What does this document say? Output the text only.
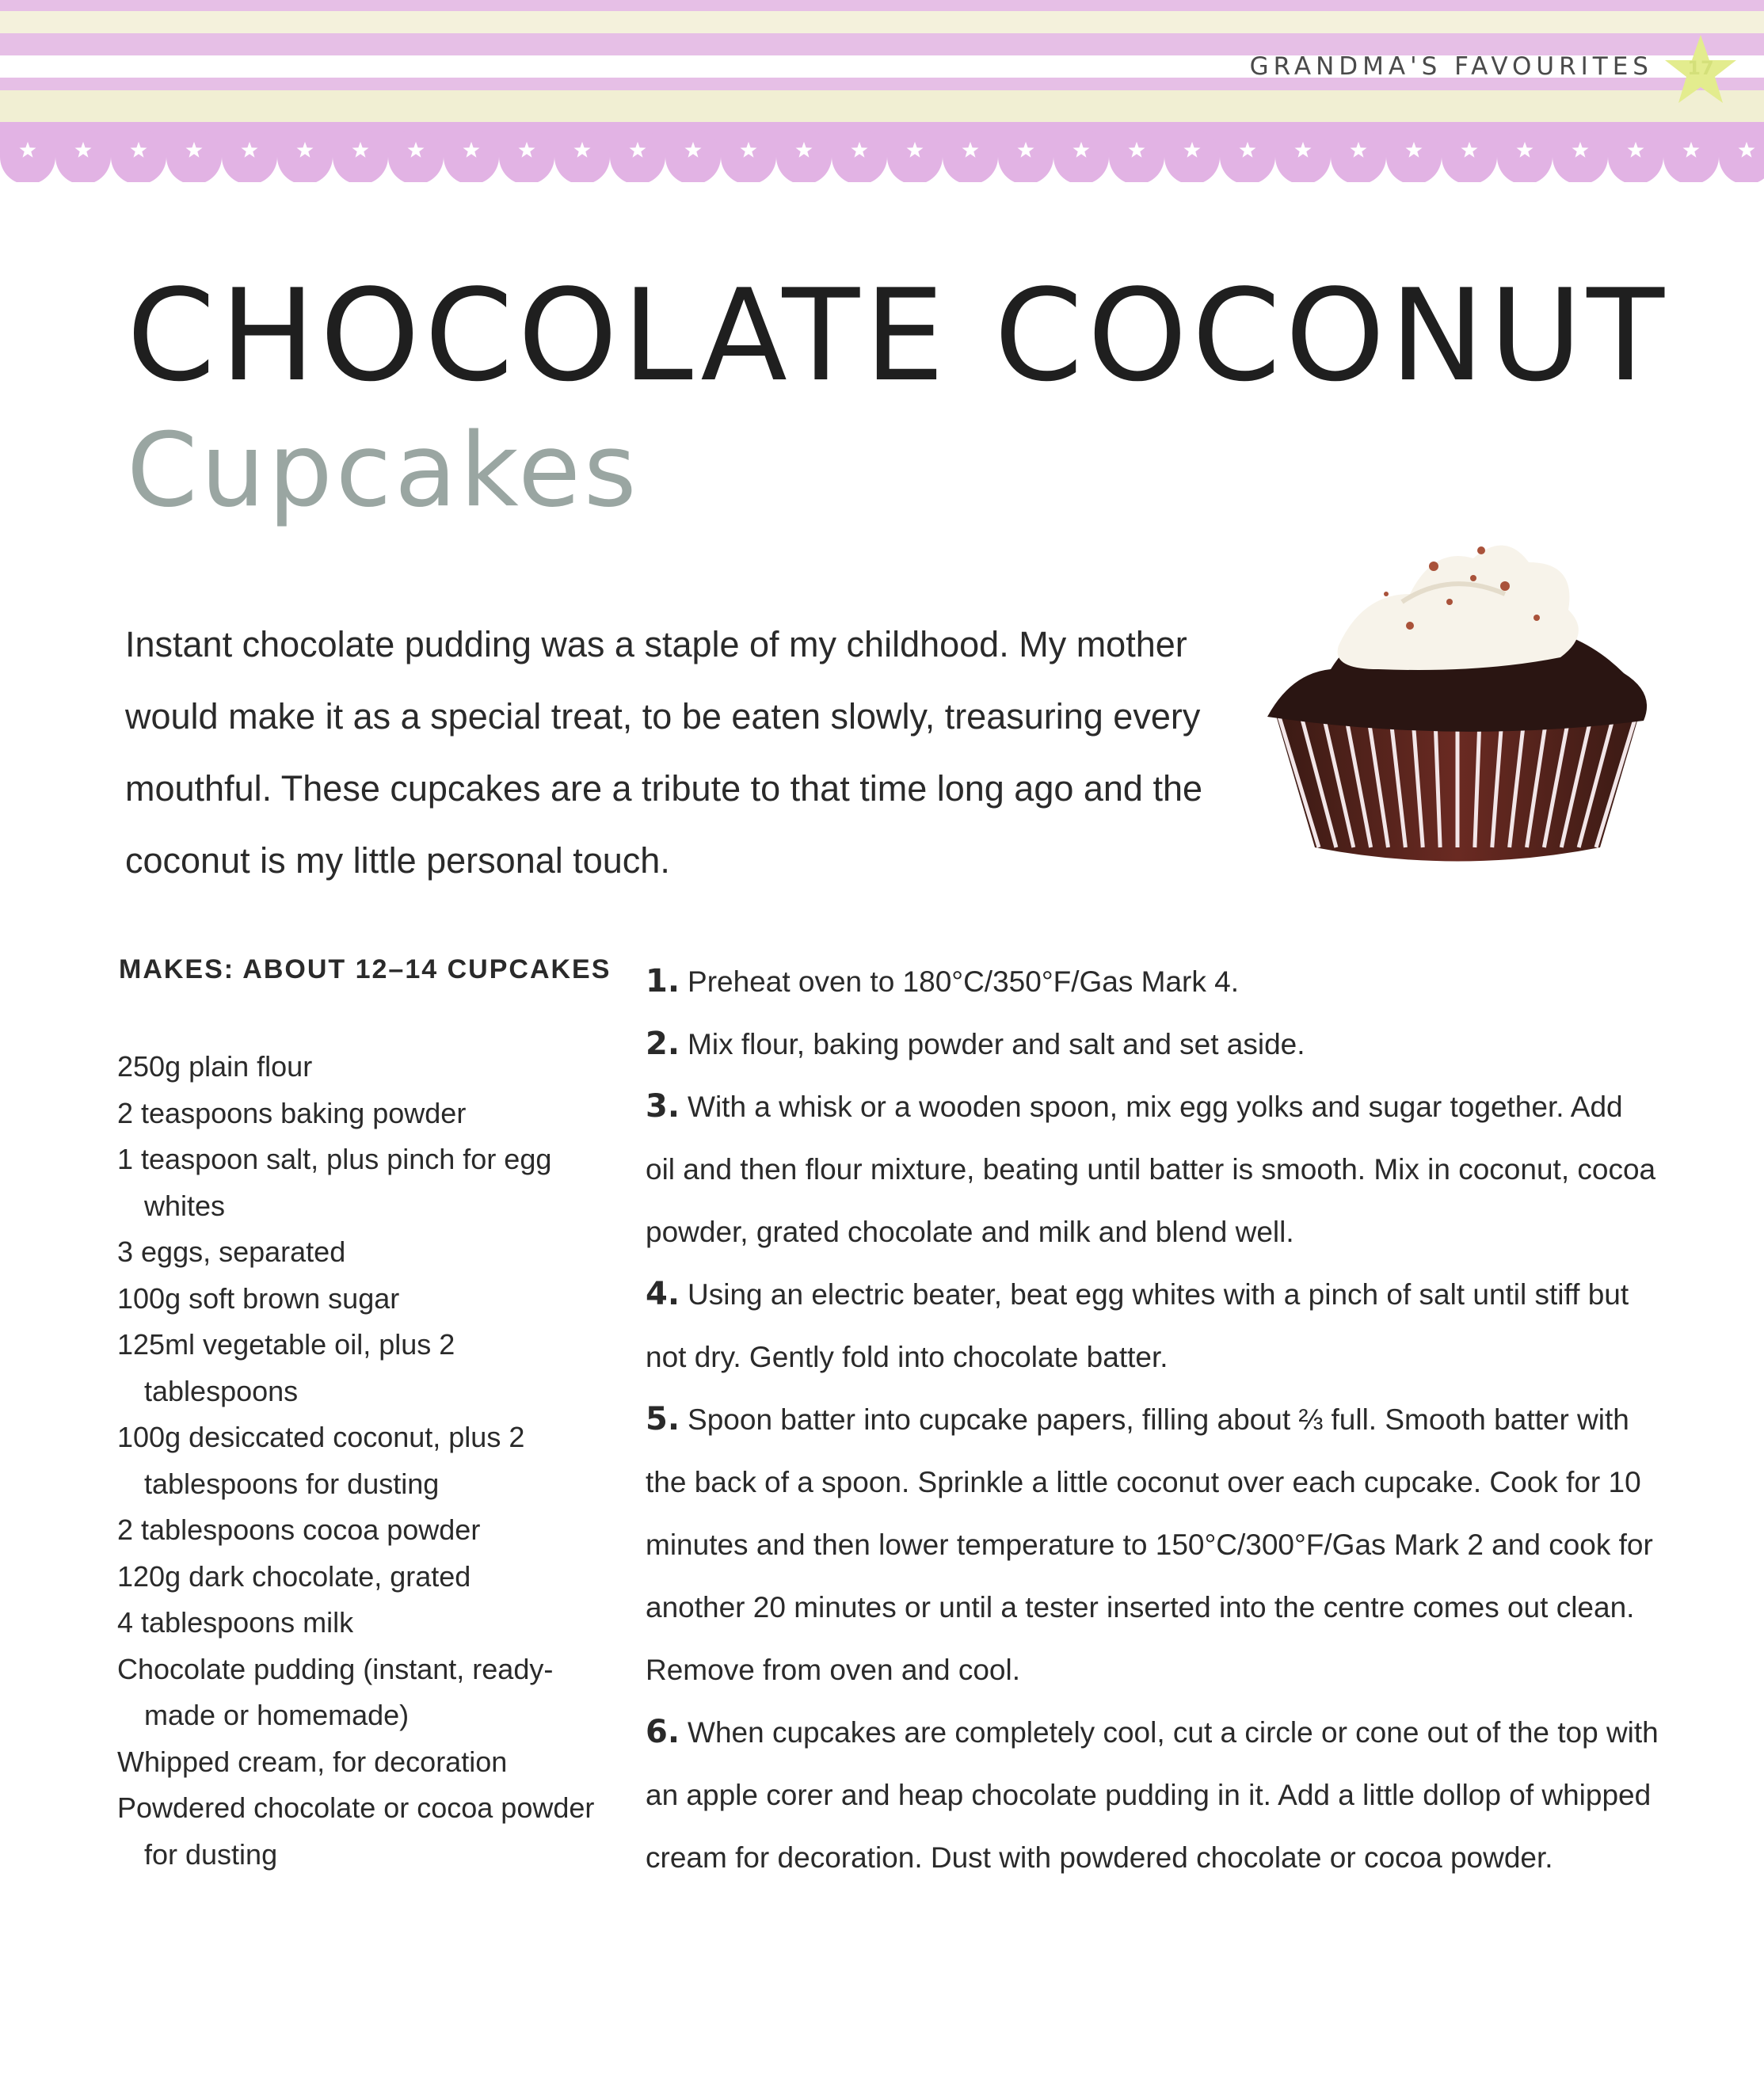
GRANDMA'S FAVOURITES 17
CHOCOLATE COCONUT
Cupcakes

Instant chocolate pudding was a staple of my childhood. My mother would make it as a special treat, to be eaten slowly, treasuring every mouthful. These cupcakes are a tribute to that time long ago and the coconut is my little personal touch.

MAKES: ABOUT 12–14 CUPCAKES
250g plain flour
2 teaspoons baking powder
1 teaspoon salt, plus pinch for egg whites
3 eggs, separated
100g soft brown sugar
125ml vegetable oil, plus 2 tablespoons
100g desiccated coconut, plus 2 tablespoons for dusting
2 tablespoons cocoa powder
120g dark chocolate, grated
4 tablespoons milk
Chocolate pudding (instant, ready-made or homemade)
Whipped cream, for decoration
Powdered chocolate or cocoa powder for dusting
1. Preheat oven to 180°C/350°F/Gas Mark 4.
2. Mix flour, baking powder and salt and set aside.
3. With a whisk or a wooden spoon, mix egg yolks and sugar together. Add oil and then flour mixture, beating until batter is smooth. Mix in coconut, cocoa powder, grated chocolate and milk and blend well.
4. Using an electric beater, beat egg whites with a pinch of salt until stiff but not dry. Gently fold into chocolate batter.
5. Spoon batter into cupcake papers, filling about ⅔ full. Smooth batter with the back of a spoon. Sprinkle a little coconut over each cupcake. Cook for 10 minutes and then lower temperature to 150°C/300°F/Gas Mark 2 and cook for another 20 minutes or until a tester inserted into the centre comes out clean. Remove from oven and cool.
6. When cupcakes are completely cool, cut a circle or cone out of the top with an apple corer and heap chocolate pudding in it. Add a little dollop of whipped cream for decoration. Dust with powdered chocolate or cocoa powder.
